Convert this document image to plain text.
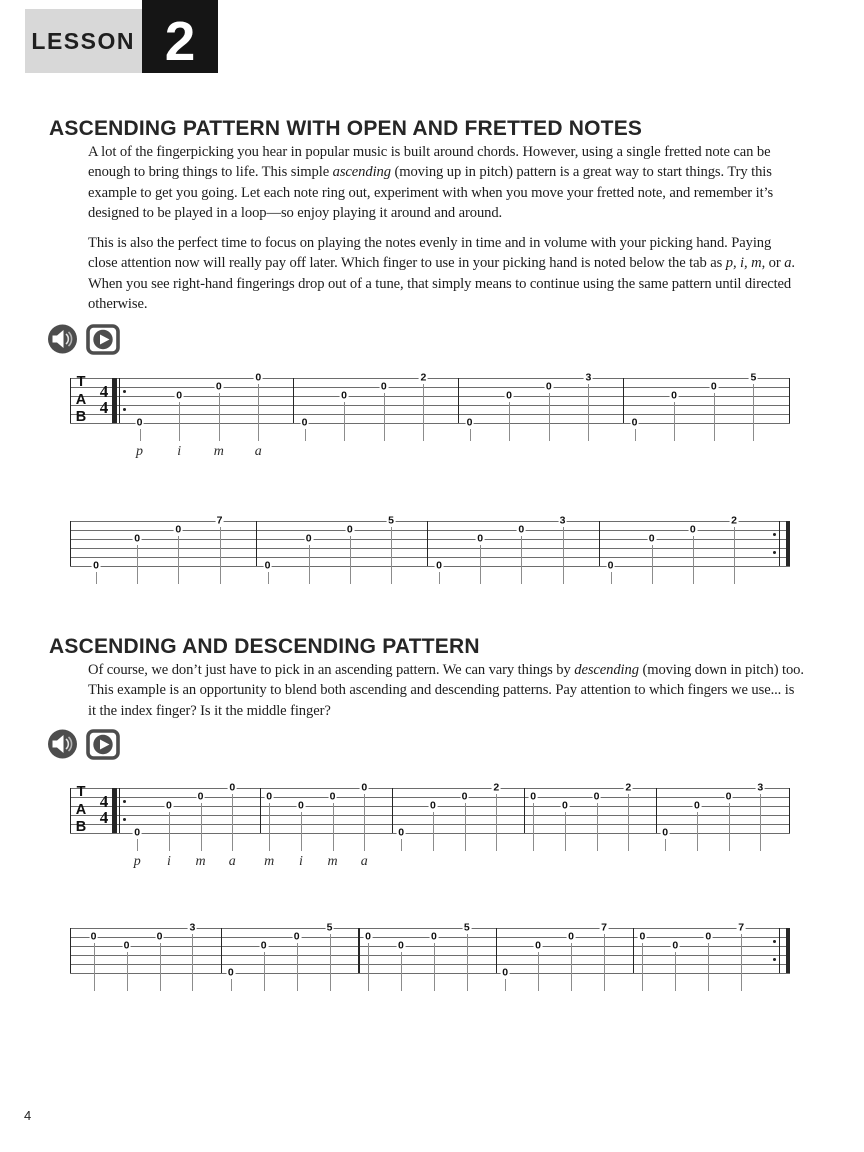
LESSON 2
ASCENDING PATTERN WITH OPEN AND FRETTED NOTES

A lot of the fingerpicking you hear in popular music is built around chords. However, using a single fretted note can be enough to bring things to life. This simple ascending (moving up in pitch) pattern is a great way to start things. Try this example to get you going. Let each note ring out, experiment with when you move your fretted note, and remember it’s designed to be played in a loop—so enjoy playing it around and around.

This is also the perfect time to focus on playing the notes evenly in time and in volume with your picking hand. Paying close attention now will really pay off later. Which finger to use in your picking hand is noted below the tab as p, i, m, or a. When you see right-hand fingerings drop out of a tune, that simply means to continue using the same pattern until directed otherwise.

T
A
B
4
4
0
0
0
0
0
0
0
2
0
0
0
3
0
0
0
5
p i m a
0
0
0
7
0
0
0
5
0
0
0
3
0
0
0
2
ASCENDING AND DESCENDING PATTERN

Of course, we don’t just have to pick in an ascending pattern. We can vary things by descending (moving down in pitch) too. This example is an opportunity to blend both ascending and descending patterns. Pay attention to which fingers we use... is it the index finger? Is it the middle finger?

T
A
B
4
4
0
0
0
0
0
0
0
0
0
0
0
2
0
0
0
2
0
0
0
3
p i m a m i m a
0
0
0
3
0
0
0
5
0
0
0
5
0
0
0
7
0
0
0
7
4
